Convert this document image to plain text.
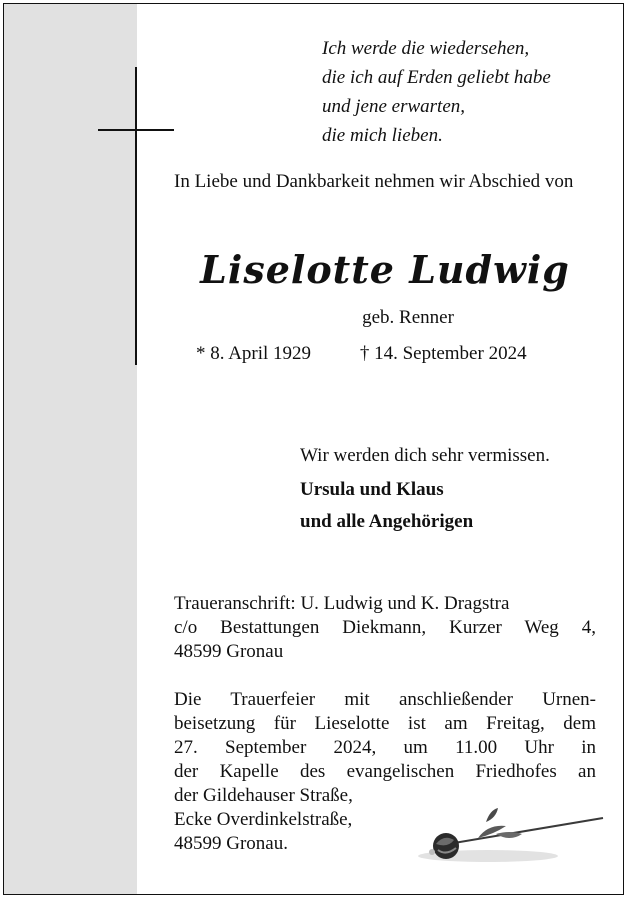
Ich werde die wiedersehen,
die ich auf Erden geliebt habe
und jene erwarten,
die mich lieben.
In Liebe und Dankbarkeit nehmen wir Abschied von
Liselotte Ludwig
geb. Renner
* 8. April 1929	† 14. September 2024
Wir werden dich sehr vermissen.
Ursula und Klaus
und alle Angehörigen
Traueranschrift: U. Ludwig und K. Dragstra
c/o Bestattungen Diekmann, Kurzer Weg 4,
48599 Gronau
Die Trauerfeier mit anschließender Urnen-
beisetzung für Lieselotte ist am Freitag, dem
27. September 2024, um 11.00 Uhr in
der Kapelle des evangelischen Friedhofes an
der Gildehauser Straße,
Ecke Overdinkelstraße,
48599 Gronau.
